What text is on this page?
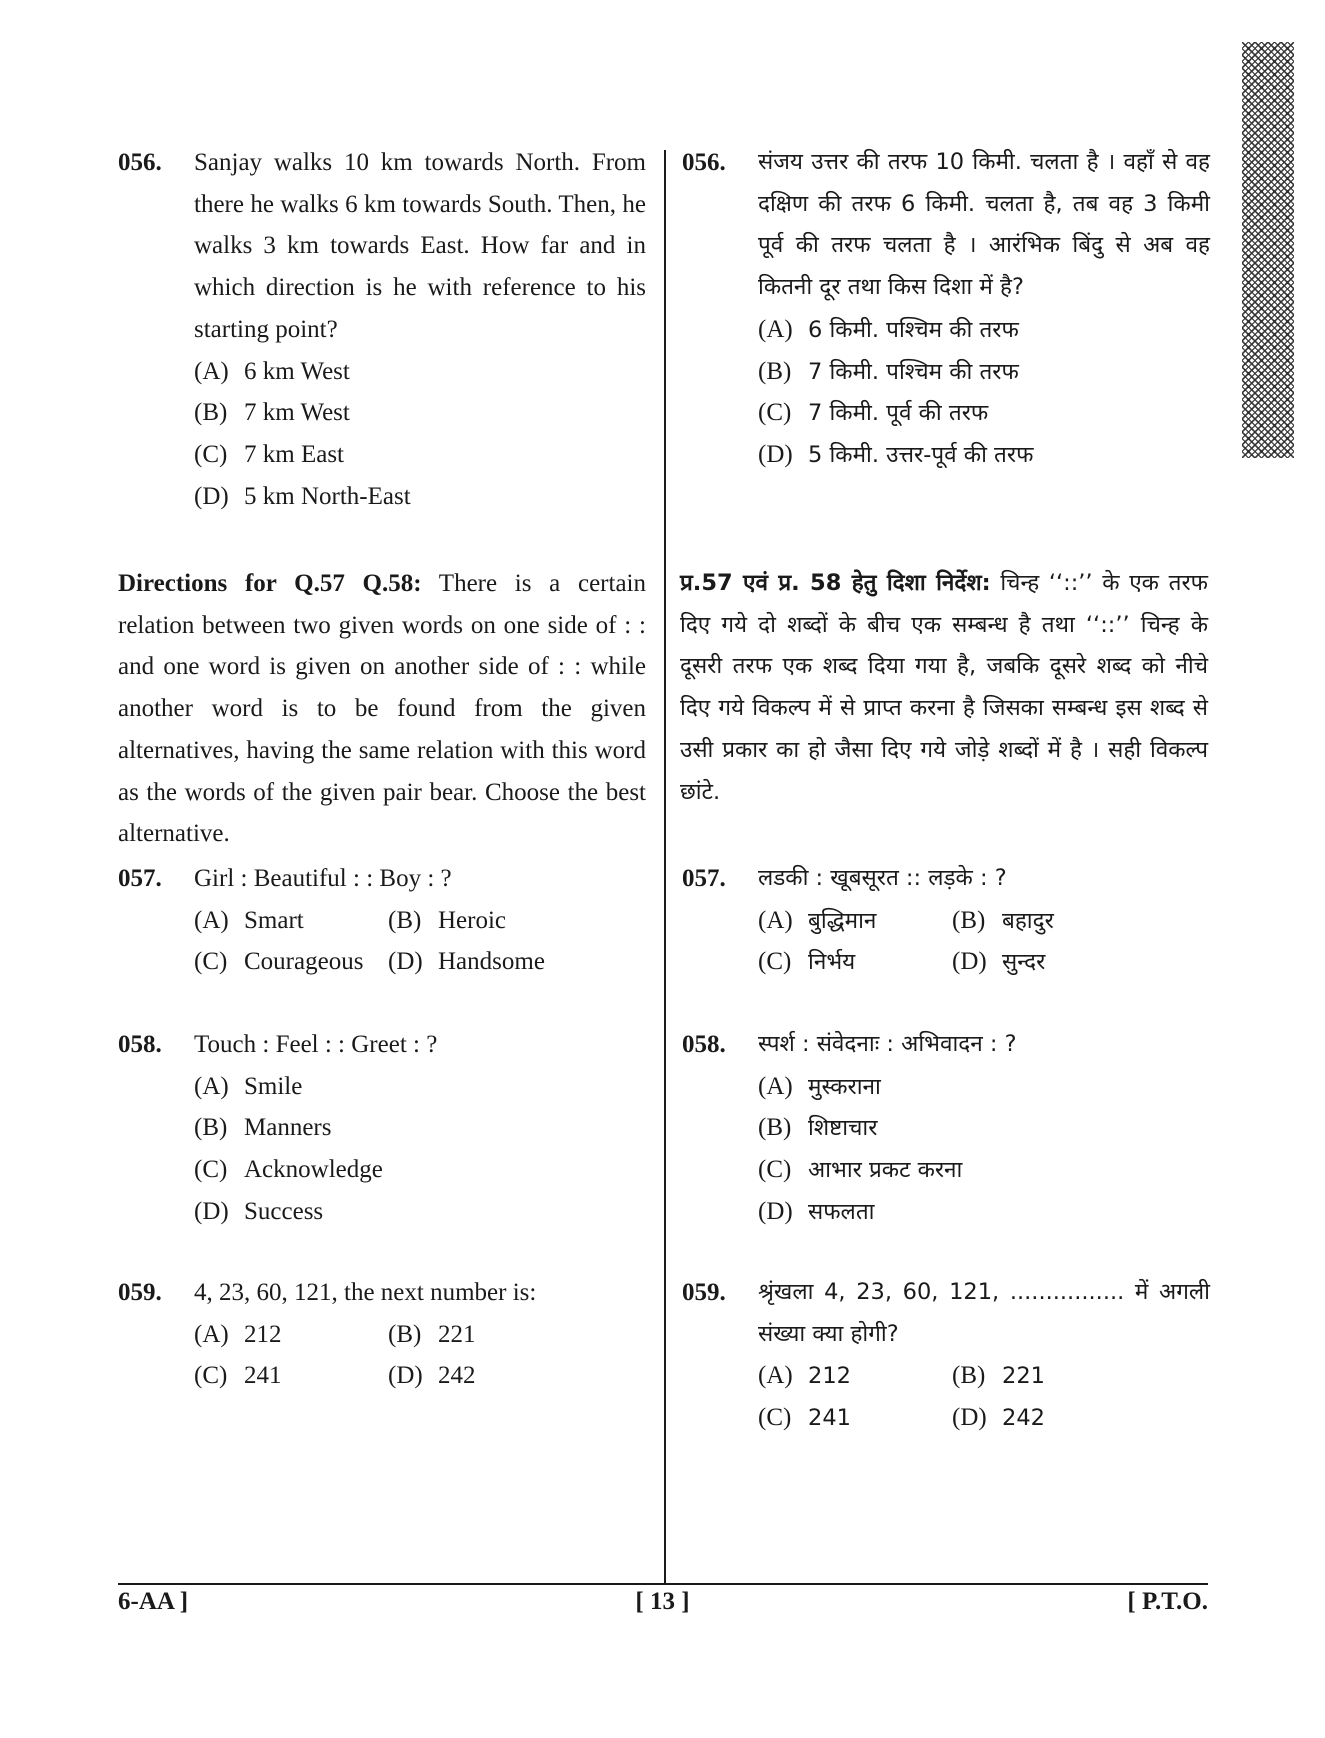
056. Sanjay walks 10 km towards North. From there he walks 6 km towards South. Then, he walks 3 km towards East. How far and in which direction is he with reference to his starting point?
(A) 6 km West
(B) 7 km West
(C) 7 km East
(D) 5 km North-East
Directions for Q.57 Q.58: There is a certain relation between two given words on one side of : : and one word is given on another side of : : while another word is to be found from the given alternatives, having the same relation with this word as the words of the given pair bear. Choose the best alternative.
057. Girl : Beautiful : : Boy : ?
(A) Smart	(B) Heroic
(C) Courageous (D) Handsome
058. Touch : Feel : : Greet : ?
(A) Smile
(B) Manners
(C) Acknowledge
(D) Success
059. 4, 23, 60, 121, the next number is:
(A) 212	(B) 221
(C) 241	(D) 242
056. संजय उत्तर की तरफ 10 किमी. चलता है । वहाँ से वह दक्षिण की तरफ 6 किमी. चलता है, तब वह 3 किमी पूर्व की तरफ चलता है । आरंभिक बिंदु से अब वह कितनी दूर तथा किस दिशा में है?
(A) 6 किमी. पश्चिम की तरफ
(B) 7 किमी. पश्चिम की तरफ
(C) 7 किमी. पूर्व की तरफ
(D) 5 किमी. उत्तर-पूर्व की तरफ
प्र.57 एवं प्र. 58 हेतु दिशा निर्देश: चिन्ह ‘‘::’’ के एक तरफ दिए गये दो शब्दों के बीच एक सम्बन्ध है तथा ‘‘::’’ चिन्ह के दूसरी तरफ एक शब्द दिया गया है, जबकि दूसरे शब्द को नीचे दिए गये विकल्प में से प्राप्त करना है जिसका सम्बन्ध इस शब्द से उसी प्रकार का हो जैसा दिए गये जोड़े शब्दों में है । सही विकल्प छांटे.
057. लडकी : खूबसूरत :: लड़के : ?
(A) बुद्धिमान	(B) बहादुर
(C) निर्भय	(D) सुन्दर
058. स्पर्श : संवेदनाः : अभिवादन : ?
(A) मुस्कराना
(B) शिष्टाचार
(C) आभार प्रकट करना
(D) सफलता
059. श्रृंखला 4, 23, 60, 121, ................ में अगली संख्या क्या होगी?
(A) 212	(B) 221
(C) 241	(D) 242
6-AA ]	[ 13 ]	[ P.T.O.
